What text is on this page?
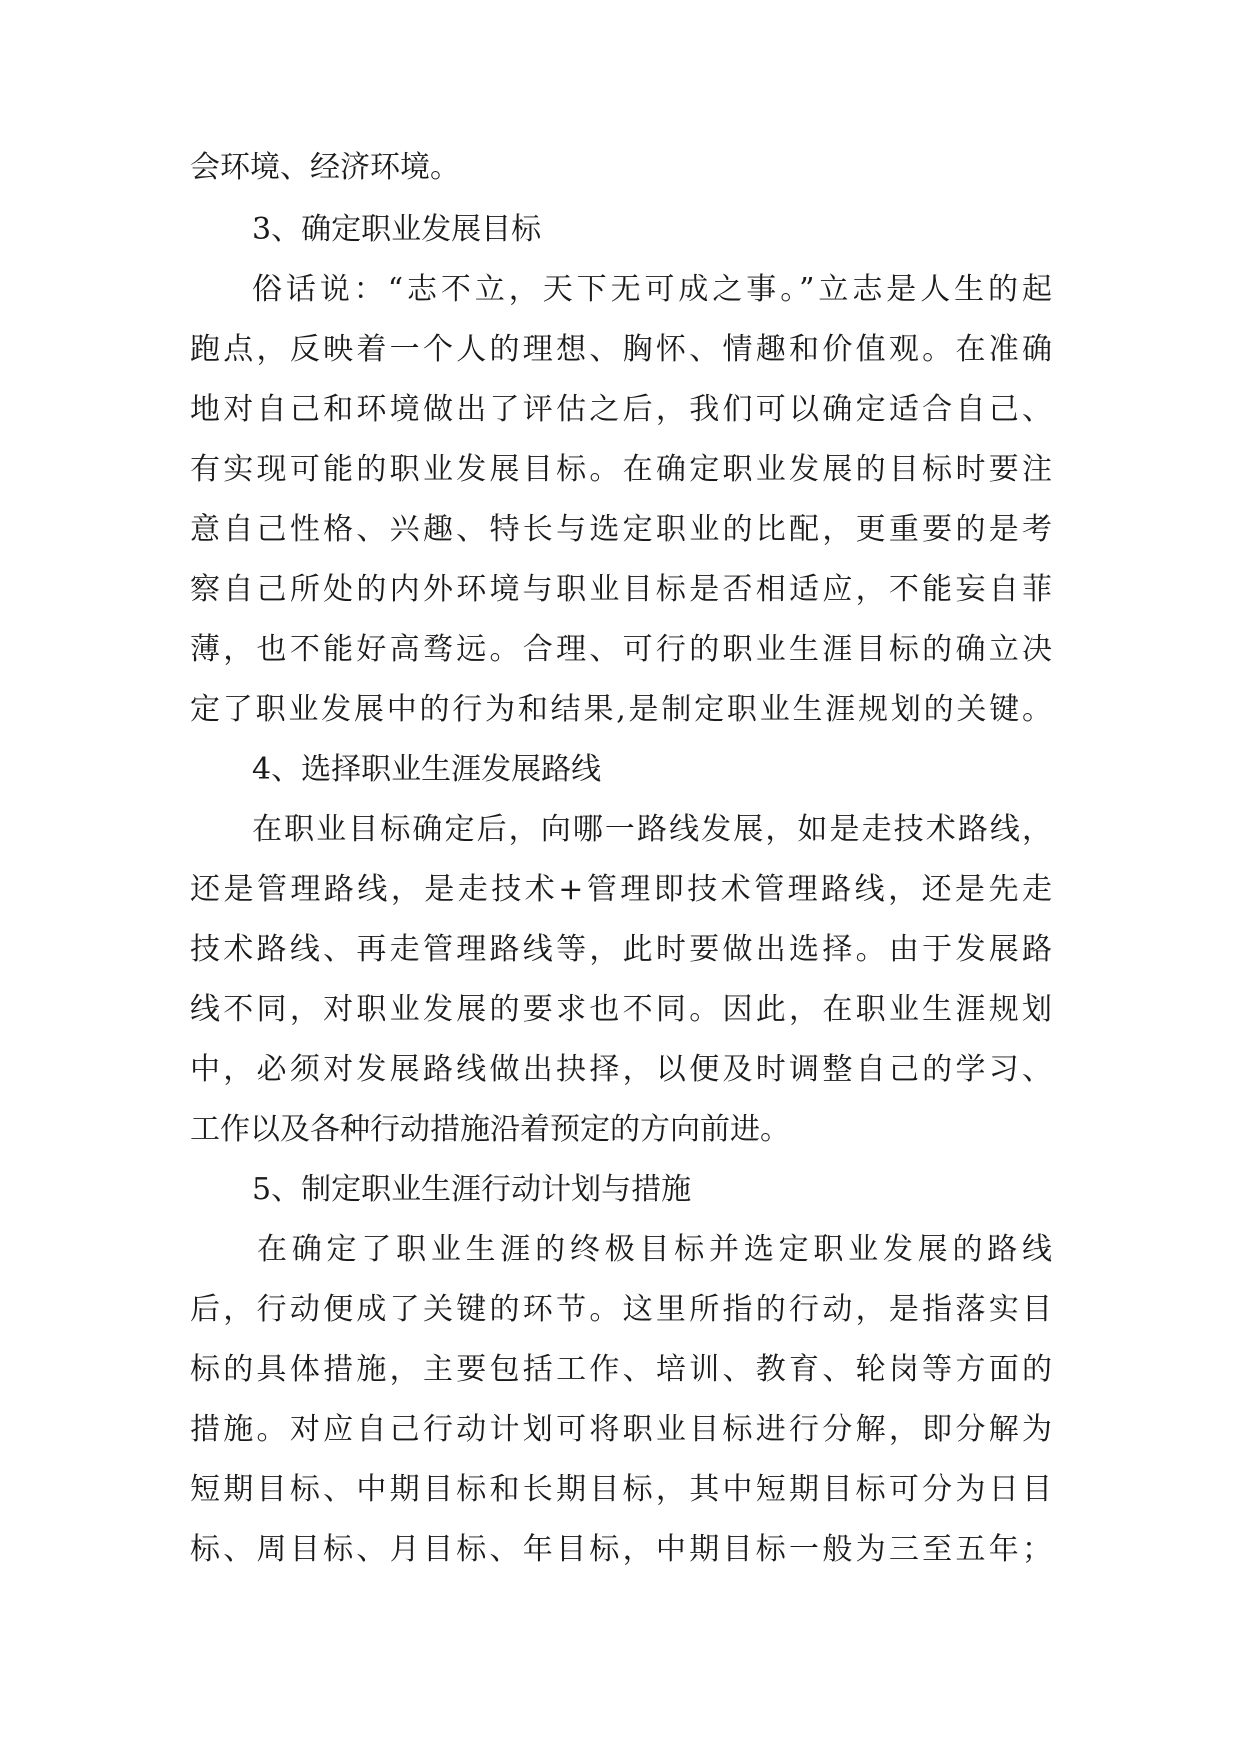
会环境、经济环境。
3、确定职业发展目标
俗话说：“志不立，天下无可成之事。”立志是人生的起
跑点，反映着一个人的理想、胸怀、情趣和价值观。在准确
地对自己和环境做出了评估之后，我们可以确定适合自己、
有实现可能的职业发展目标。在确定职业发展的目标时要注
意自己性格、兴趣、特长与选定职业的比配，更重要的是考
察自己所处的内外环境与职业目标是否相适应，不能妄自菲
薄，也不能好高骛远。合理、可行的职业生涯目标的确立决
定了职业发展中的行为和结果,是制定职业生涯规划的关键。
4、选择职业生涯发展路线
在职业目标确定后，向哪一路线发展，如是走技术路线，
还是管理路线，是走技术+管理即技术管理路线，还是先走
技术路线、再走管理路线等，此时要做出选择。由于发展路
线不同，对职业发展的要求也不同。因此，在职业生涯规划
中，必须对发展路线做出抉择，以便及时调整自己的学习、
工作以及各种行动措施沿着预定的方向前进。
5、制定职业生涯行动计划与措施
在确定了职业生涯的终极目标并选定职业发展的路线
后，行动便成了关键的环节。这里所指的行动，是指落实目
标的具体措施，主要包括工作、培训、教育、轮岗等方面的
措施。对应自己行动计划可将职业目标进行分解，即分解为
短期目标、中期目标和长期目标，其中短期目标可分为日目
标、周目标、月目标、年目标，中期目标一般为三至五年；
